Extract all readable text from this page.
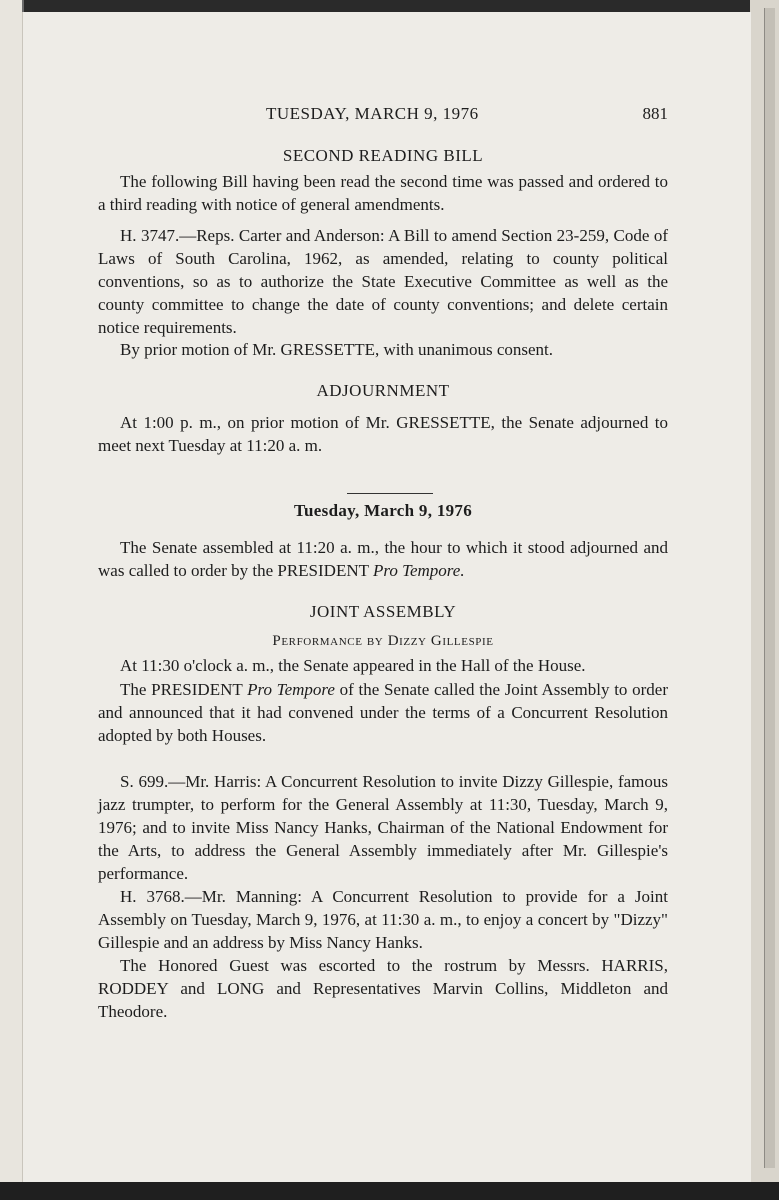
TUESDAY, MARCH 9, 1976	881
SECOND READING BILL
The following Bill having been read the second time was passed and ordered to a third reading with notice of general amendments.
H. 3747.—Reps. Carter and Anderson: A Bill to amend Section 23-259, Code of Laws of South Carolina, 1962, as amended, relating to county political conventions, so as to authorize the State Executive Committee as well as the county committee to change the date of county conventions; and delete certain notice requirements.
By prior motion of Mr. GRESSETTE, with unanimous consent.
ADJOURNMENT
At 1:00 p. m., on prior motion of Mr. GRESSETTE, the Senate adjourned to meet next Tuesday at 11:20 a. m.
Tuesday, March 9, 1976
The Senate assembled at 11:20 a. m., the hour to which it stood adjourned and was called to order by the PRESIDENT Pro Tempore.
JOINT ASSEMBLY
Performance by Dizzy Gillespie
At 11:30 o'clock a. m., the Senate appeared in the Hall of the House.
The PRESIDENT Pro Tempore of the Senate called the Joint Assembly to order and announced that it had convened under the terms of a Concurrent Resolution adopted by both Houses.
S. 699.—Mr. Harris: A Concurrent Resolution to invite Dizzy Gillespie, famous jazz trumpter, to perform for the General Assembly at 11:30, Tuesday, March 9, 1976; and to invite Miss Nancy Hanks, Chairman of the National Endowment for the Arts, to address the General Assembly immediately after Mr. Gillespie's performance.
H. 3768.—Mr. Manning: A Concurrent Resolution to provide for a Joint Assembly on Tuesday, March 9, 1976, at 11:30 a. m., to enjoy a concert by "Dizzy" Gillespie and an address by Miss Nancy Hanks.
The Honored Guest was escorted to the rostrum by Messrs. HARRIS, RODDEY and LONG and Representatives Marvin Collins, Middleton and Theodore.
